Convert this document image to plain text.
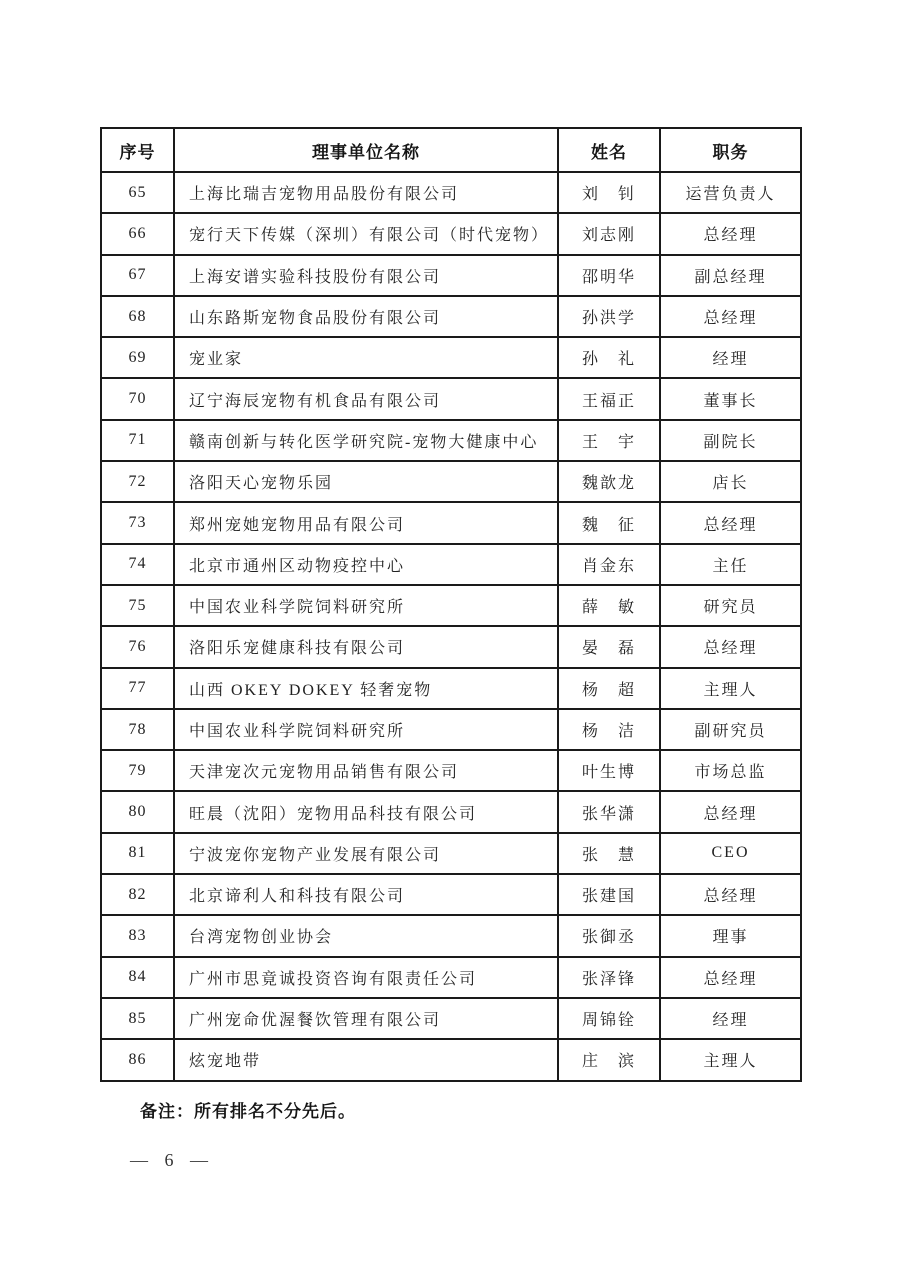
序号	理事单位名称	姓名	职务
65	上海比瑞吉宠物用品股份有限公司	刘　钊	运营负责人
66	宠行天下传媒（深圳）有限公司（时代宠物）	刘志刚	总经理
67	上海安谱实验科技股份有限公司	邵明华	副总经理
68	山东路斯宠物食品股份有限公司	孙洪学	总经理
69	宠业家	孙　礼	经理
70	辽宁海辰宠物有机食品有限公司	王福正	董事长
71	赣南创新与转化医学研究院-宠物大健康中心	王　宇	副院长
72	洛阳天心宠物乐园	魏歆龙	店长
73	郑州宠她宠物用品有限公司	魏　征	总经理
74	北京市通州区动物疫控中心	肖金东	主任
75	中国农业科学院饲料研究所	薛　敏	研究员
76	洛阳乐宠健康科技有限公司	晏　磊	总经理
77	山西 OKEY DOKEY 轻奢宠物	杨　超	主理人
78	中国农业科学院饲料研究所	杨　洁	副研究员
79	天津宠次元宠物用品销售有限公司	叶生博	市场总监
80	旺晨（沈阳）宠物用品科技有限公司	张华潇	总经理
81	宁波宠你宠物产业发展有限公司	张　慧	CEO
82	北京谛利人和科技有限公司	张建国	总经理
83	台湾宠物创业协会	张御丞	理事
84	广州市思竟诚投资咨询有限责任公司	张泽锋	总经理
85	广州宠命优渥餐饮管理有限公司	周锦铨	经理
86	炫宠地带	庄　滨	主理人
备注：所有排名不分先后。
— 6 —
